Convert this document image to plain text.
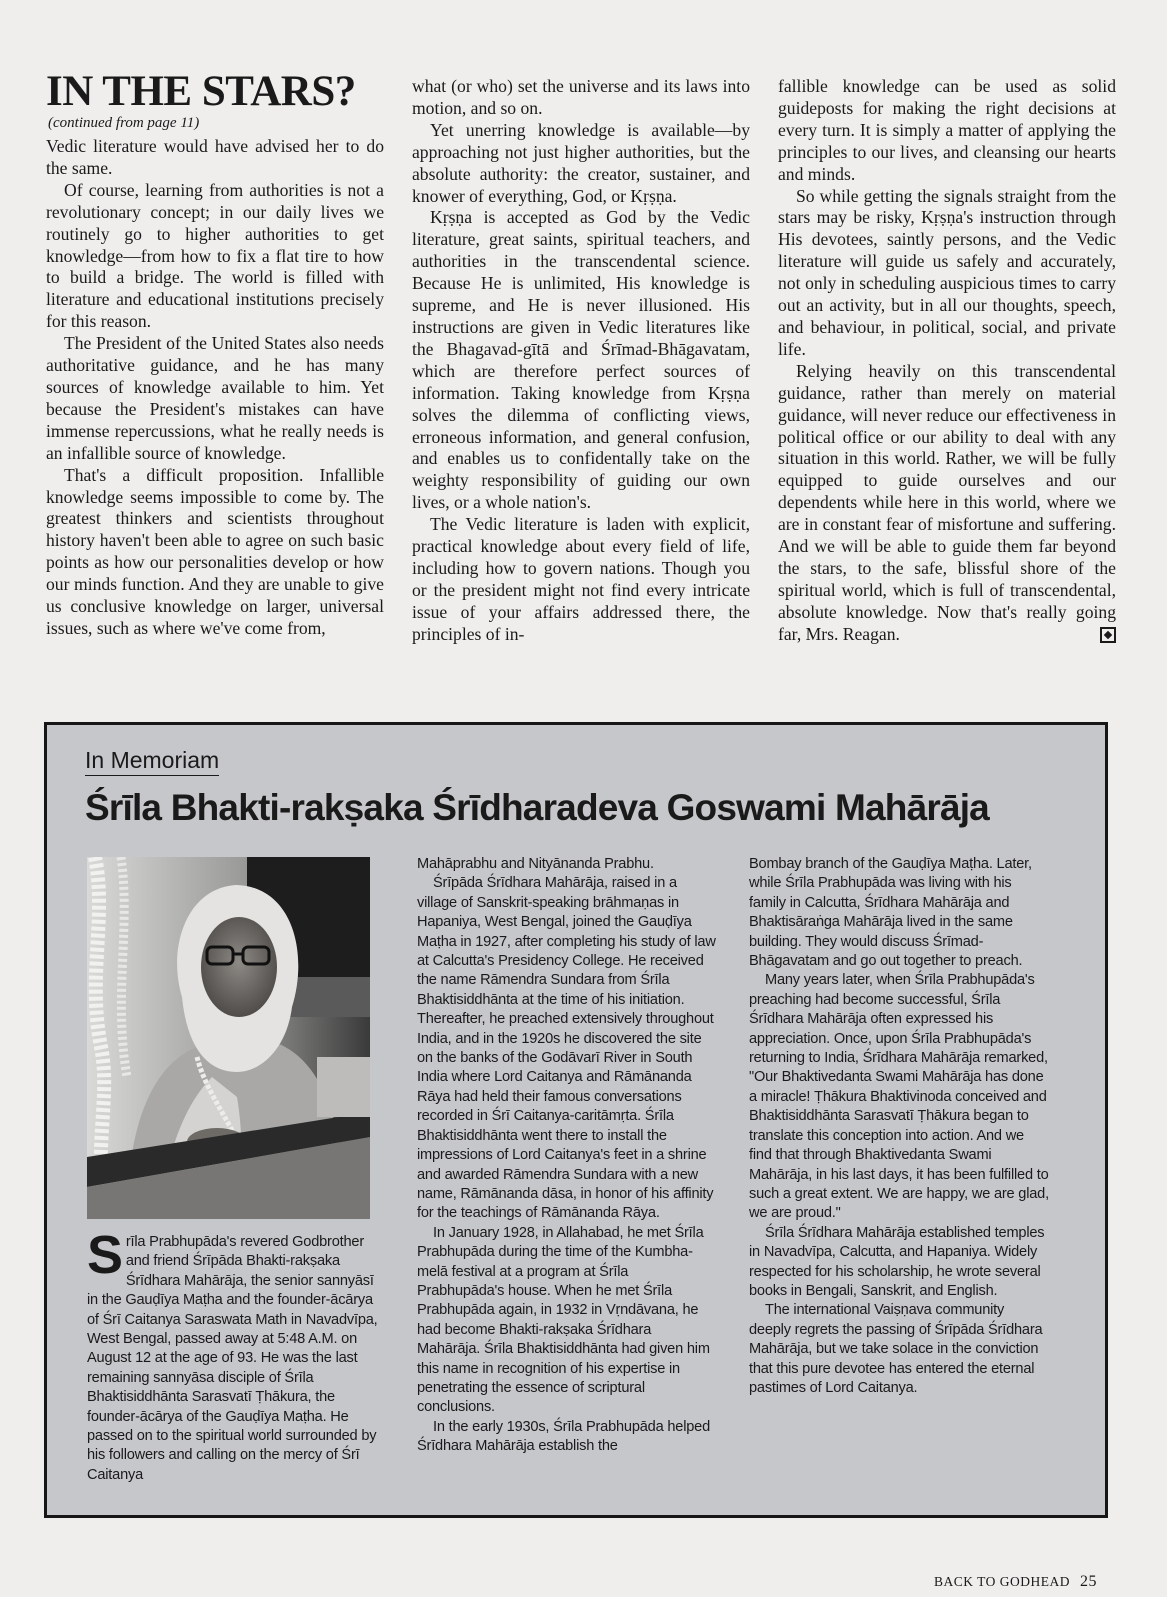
IN THE STARS?
(continued from page 11)

Vedic literature would have advised her to do the same.

Of course, learning from authorities is not a revolutionary concept; in our daily lives we routinely go to higher authorities to get knowledge—from how to fix a flat tire to how to build a bridge. The world is filled with literature and educational institutions precisely for this reason.

The President of the United States also needs authoritative guidance, and he has many sources of knowledge available to him. Yet because the President's mistakes can have immense repercussions, what he really needs is an infallible source of knowledge.

That's a difficult proposition. Infallible knowledge seems impossible to come by. The greatest thinkers and scientists throughout history haven't been able to agree on such basic points as how our personalities develop or how our minds function. And they are unable to give us conclusive knowledge on larger, universal issues, such as where we've come from,

what (or who) set the universe and its laws into motion, and so on.

Yet unerring knowledge is available—by approaching not just higher authorities, but the absolute authority: the creator, sustainer, and knower of everything, God, or Kṛṣṇa.

Kṛṣṇa is accepted as God by the Vedic literature, great saints, spiritual teachers, and authorities in the transcendental science. Because He is unlimited, His knowledge is supreme, and He is never illusioned. His instructions are given in Vedic literatures like the Bhagavad-gītā and Śrīmad-Bhāgavatam, which are therefore perfect sources of information. Taking knowledge from Kṛṣṇa solves the dilemma of conflicting views, erroneous information, and general confusion, and enables us to confidentally take on the weighty responsibility of guiding our own lives, or a whole nation's.

The Vedic literature is laden with explicit, practical knowledge about every field of life, including how to govern nations. Though you or the president might not find every intricate issue of your affairs addressed there, the principles of in-

fallible knowledge can be used as solid guideposts for making the right decisions at every turn. It is simply a matter of applying the principles to our lives, and cleansing our hearts and minds.

So while getting the signals straight from the stars may be risky, Kṛṣṇa's instruction through His devotees, saintly persons, and the Vedic literature will guide us safely and accurately, not only in scheduling auspicious times to carry out an activity, but in all our thoughts, speech, and behaviour, in political, social, and private life.

Relying heavily on this transcendental guidance, rather than merely on material guidance, will never reduce our effectiveness in political office or our ability to deal with any situation in this world. Rather, we will be fully equipped to guide ourselves and our dependents while here in this world, where we are in constant fear of misfortune and suffering. And we will be able to guide them far beyond the stars, to the safe, blissful shore of the spiritual world, which is full of transcendental, absolute knowledge. Now that's really going far, Mrs. Reagan.

In Memoriam
Śrīla Bhakti-rakṣaka Śrīdharadeva Goswami Mahārāja

Srīla Prabhupāda's revered Godbrother and friend Śrīpāda Bhakti-rakṣaka Śrīdhara Mahārāja, the senior sannyāsī in the Gauḍīya Maṭha and the founder-ācārya of Śrī Caitanya Saraswata Math in Navadvīpa, West Bengal, passed away at 5:48 A.M. on August 12 at the age of 93. He was the last remaining sannyāsa disciple of Śrīla Bhaktisiddhānta Sarasvatī Ṭhākura, the founder-ācārya of the Gauḍīya Maṭha. He passed on to the spiritual world surrounded by his followers and calling on the mercy of Śrī Caitanya

Mahāprabhu and Nityānanda Prabhu.

Śrīpāda Śrīdhara Mahārāja, raised in a village of Sanskrit-speaking brāhmaṇas in Hapaniya, West Bengal, joined the Gauḍīya Maṭha in 1927, after completing his study of law at Calcutta's Presidency College. He received the name Rāmendra Sundara from Śrīla Bhaktisiddhānta at the time of his initiation. Thereafter, he preached extensively throughout India, and in the 1920s he discovered the site on the banks of the Godāvarī River in South India where Lord Caitanya and Rāmānanda Rāya had held their famous conversations recorded in Śrī Caitanya-caritāmṛta. Śrīla Bhaktisiddhānta went there to install the impressions of Lord Caitanya's feet in a shrine and awarded Rāmendra Sundara with a new name, Rāmānanda dāsa, in honor of his affinity for the teachings of Rāmānanda Rāya.

In January 1928, in Allahabad, he met Śrīla Prabhupāda during the time of the Kumbha-melā festival at a program at Śrīla Prabhupāda's house. When he met Śrīla Prabhupāda again, in 1932 in Vṛndāvana, he had become Bhakti-rakṣaka Śrīdhara Mahārāja. Śrīla Bhaktisiddhānta had given him this name in recognition of his expertise in penetrating the essence of scriptural conclusions.

In the early 1930s, Śrīla Prabhupāda helped Śrīdhara Mahārāja establish the

Bombay branch of the Gauḍīya Maṭha. Later, while Śrīla Prabhupāda was living with his family in Calcutta, Śrīdhara Mahārāja and Bhaktisāraṅga Mahārāja lived in the same building. They would discuss Śrīmad-Bhāgavatam and go out together to preach.

Many years later, when Śrīla Prabhupāda's preaching had become successful, Śrīla Śrīdhara Mahārāja often expressed his appreciation. Once, upon Śrīla Prabhupāda's returning to India, Śrīdhara Mahārāja remarked, "Our Bhaktivedanta Swami Mahārāja has done a miracle! Ṭhākura Bhaktivinoda conceived and Bhaktisiddhānta Sarasvatī Ṭhākura began to translate this conception into action. And we find that through Bhaktivedanta Swami Mahārāja, in his last days, it has been fulfilled to such a great extent. We are happy, we are glad, we are proud."

Śrīla Śrīdhara Mahārāja established temples in Navadvīpa, Calcutta, and Hapaniya. Widely respected for his scholarship, he wrote several books in Bengali, Sanskrit, and English.

The international Vaiṣṇava community deeply regrets the passing of Śrīpāda Śrīdhara Mahārāja, but we take solace in the conviction that this pure devotee has entered the eternal pastimes of Lord Caitanya.

BACK TO GODHEAD 25
